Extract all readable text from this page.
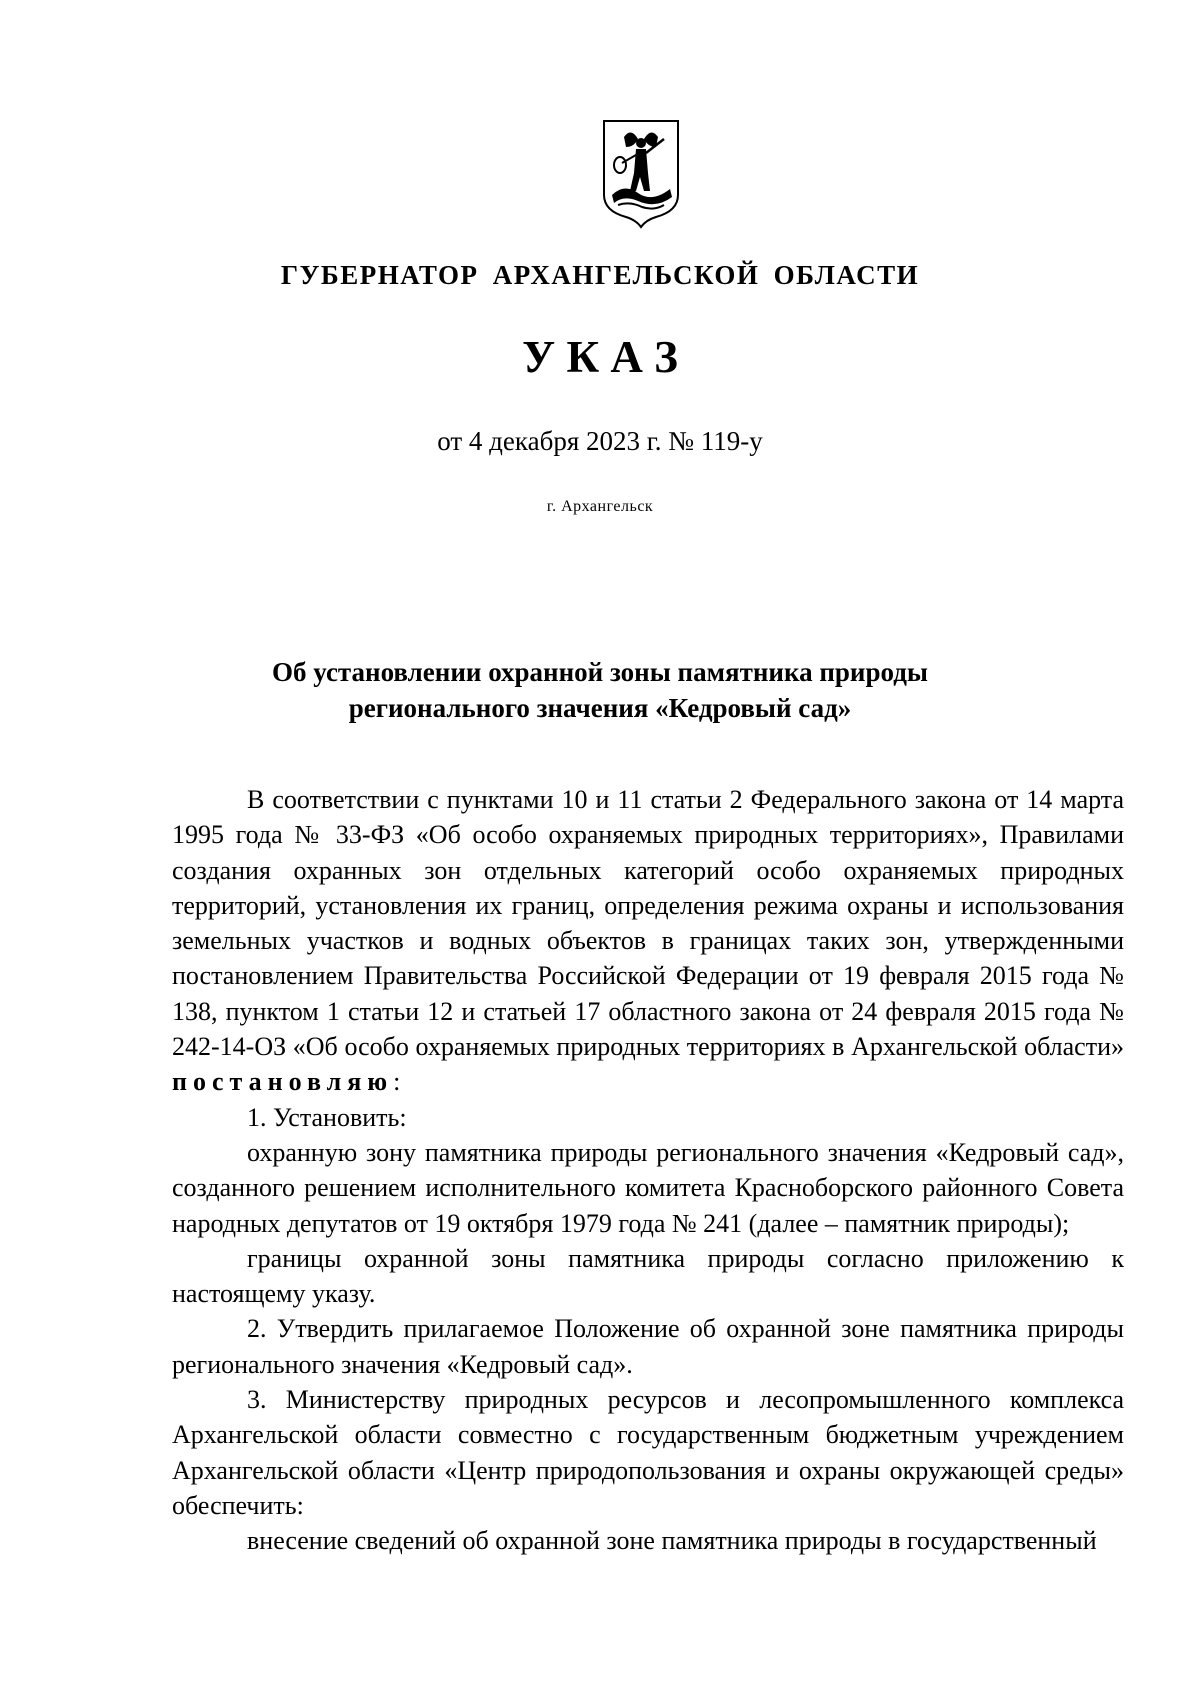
ГУБЕРНАТОР АРХАНГЕЛЬСКОЙ ОБЛАСТИ
У К А З
от 4 декабря 2023 г. № 119-у
г. Архангельск
Об установлении охранной зоны памятника природы
регионального значения «Кедровый сад»

В соответствии с пунктами 10 и 11 статьи 2 Федерального закона от 14 марта 1995 года № 33-ФЗ «Об особо охраняемых природных территориях», Правилами создания охранных зон отдельных категорий особо охраняемых природных территорий, установления их границ, определения режима охраны и использования земельных участков и водных объектов в границах таких зон, утвержденными постановлением Правительства Российской Федерации от 19 февраля 2015 года № 138, пунктом 1 статьи 12 и статьей 17 областного закона от 24 февраля 2015 года № 242-14-ОЗ «Об особо охраняемых природных территориях в Архангельской области» постановляю:

1. Установить:

охранную зону памятника природы регионального значения «Кедровый сад», созданного решением исполнительного комитета Красноборского районного Совета народных депутатов от 19 октября 1979 года № 241 (далее – памятник природы);

границы охранной зоны памятника природы согласно приложению к настоящему указу.

2. Утвердить прилагаемое Положение об охранной зоне памятника природы регионального значения «Кедровый сад».

3. Министерству природных ресурсов и лесопромышленного комплекса Архангельской области совместно с государственным бюджетным учреждением Архангельской области «Центр природопользования и охраны окружающей среды» обеспечить:

внесение сведений об охранной зоне памятника природы в государственный
